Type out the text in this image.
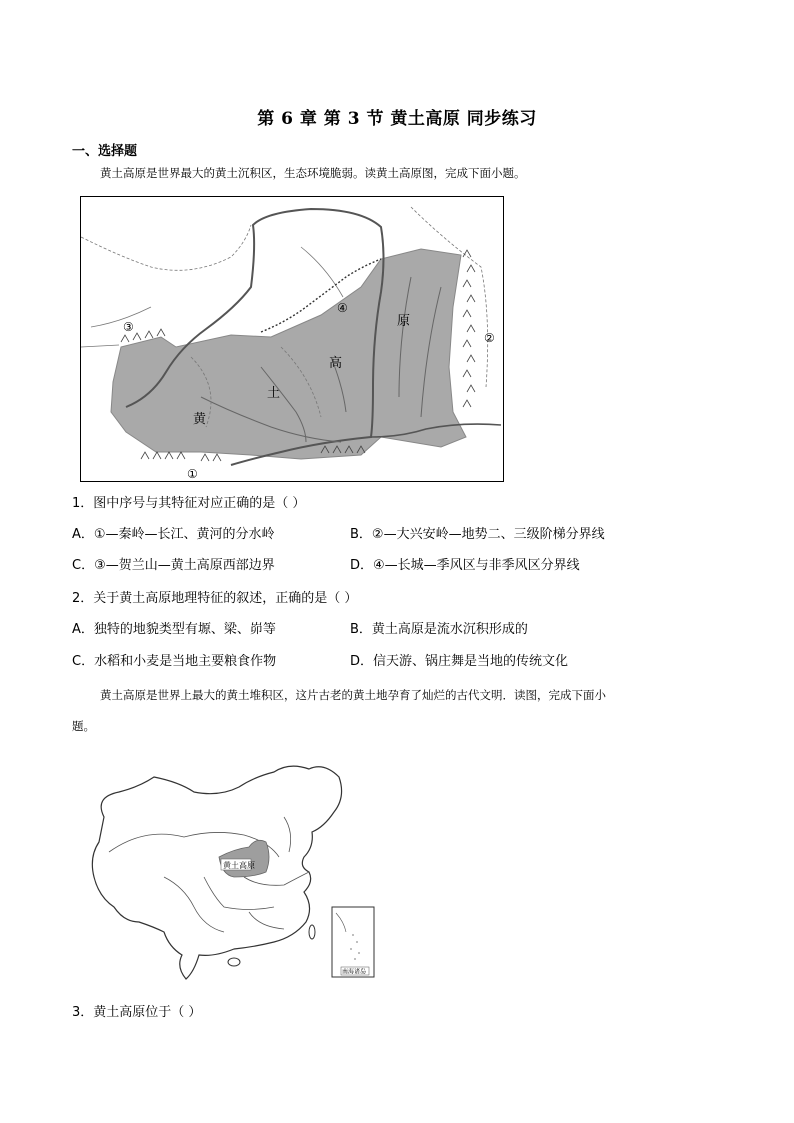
第 6 章 第 3 节 黄土高原 同步练习
一、选择题
黄土高原是世界最大的黄土沉积区，生态环境脆弱。读黄土高原图，完成下面小题。
①
②
③
④
黄
土
高
原
1．图中序号与其特征对应正确的是（ ）
A．①—秦岭—长江、黄河的分水岭	B．②—大兴安岭—地势二、三级阶梯分界线
C．③—贺兰山—黄土高原西部边界	D．④—长城—季风区与非季风区分界线
2．关于黄土高原地理特征的叙述，正确的是（ ）
A．独特的地貌类型有塬、梁、峁等	B．黄土高原是流水沉积形成的
C．水稻和小麦是当地主要粮食作物	D．信天游、锅庄舞是当地的传统文化
黄土高原是世界上最大的黄土堆积区，这片古老的黄土地孕育了灿烂的古代文明．读图，完成下面小
题。
黄土高原
南海诸岛
3．黄土高原位于（ ）
